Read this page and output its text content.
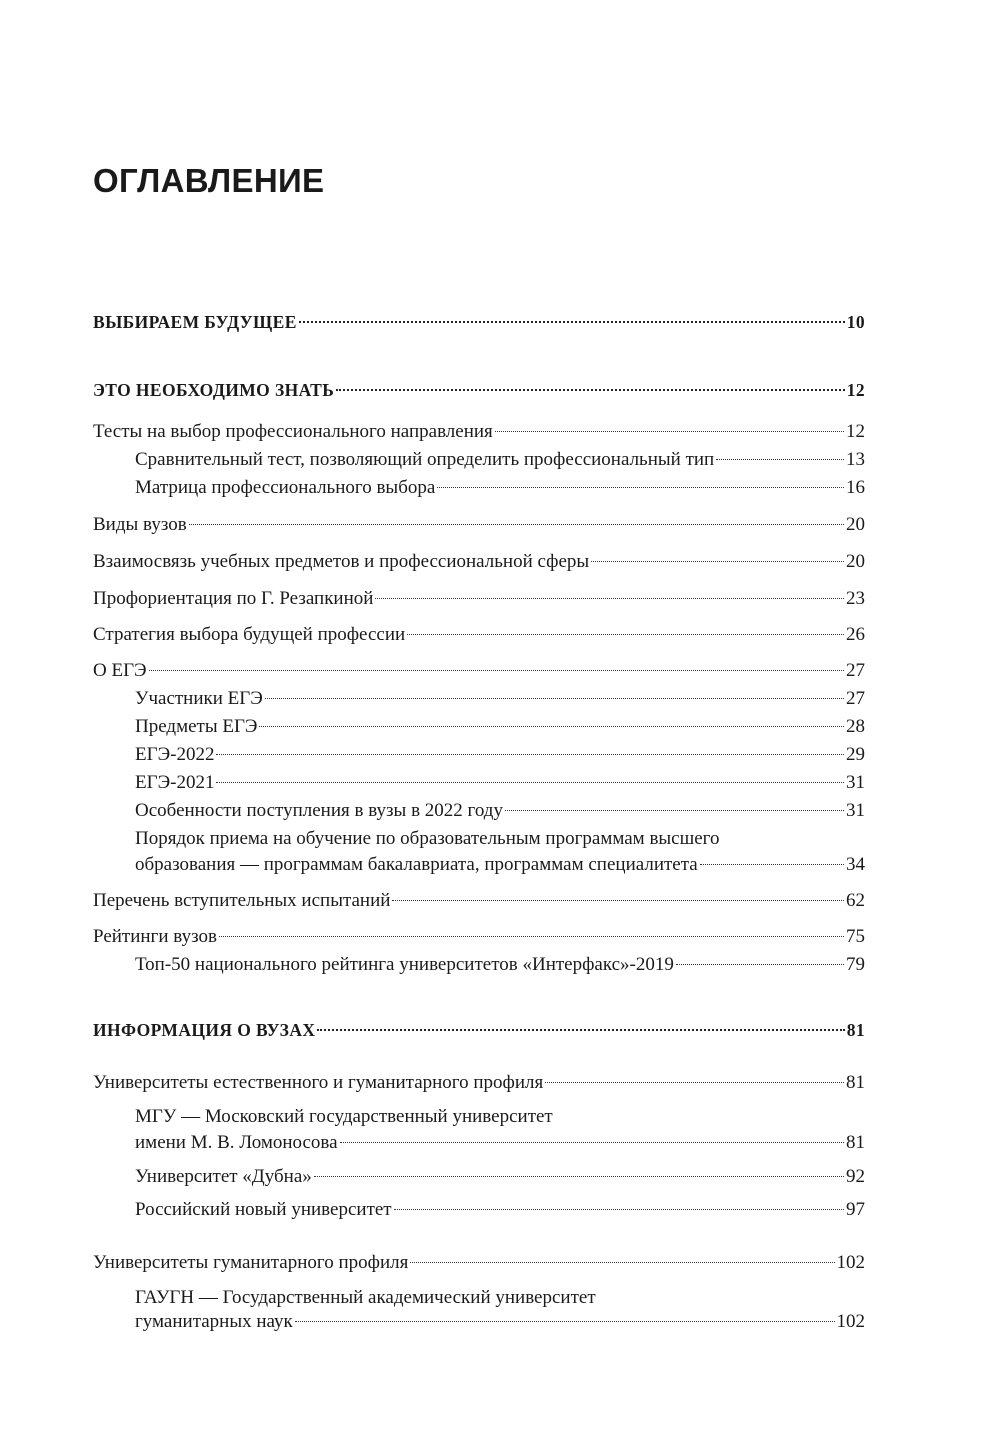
ОГЛАВЛЕНИЕ
ВЫБИРАЕМ БУДУЩЕЕ	10
ЭТО НЕОБХОДИМО ЗНАТЬ	12
Тесты на выбор профессионального направления	12
Сравнительный тест, позволяющий определить профессиональный тип	13
Матрица профессионального выбора	16
Виды вузов	20
Взаимосвязь учебных предметов и профессиональной сферы	20
Профориентация по Г. Резапкиной	23
Стратегия выбора будущей профессии	26
О ЕГЭ	27
Участники ЕГЭ	27
Предметы ЕГЭ	28
ЕГЭ-2022	29
ЕГЭ-2021	31
Особенности поступления в вузы в 2022 году	31
Порядок приема на обучение по образовательным программам высшего
образования — программам бакалавриата, программам специалитета	34
Перечень вступительных испытаний	62
Рейтинги вузов	75
Топ-50 национального рейтинга университетов «Интерфакс»-2019	79
ИНФОРМАЦИЯ О ВУЗАХ	81
Университеты естественного и гуманитарного профиля	81
МГУ — Московский государственный университет
имени М. В. Ломоносова	81
Университет «Дубна»	92
Российский новый университет	97
Университеты гуманитарного профиля	102
ГАУГН — Государственный академический университет
гуманитарных наук	102
